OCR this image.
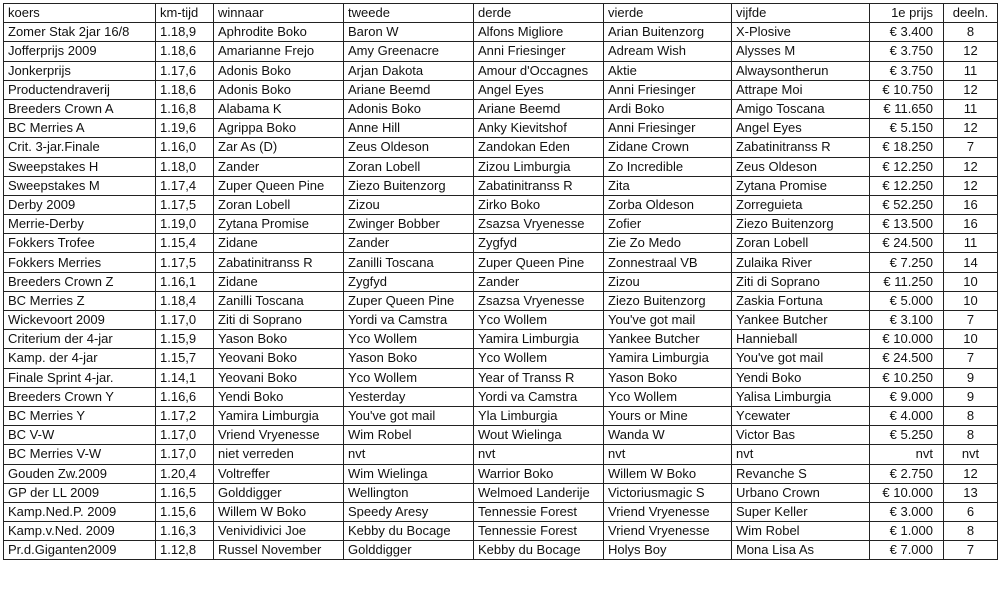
koers	km-tijd	winnaar	tweede	derde	vierde	vijfde	1e prijs	deeln.
Zomer Stak 2jar 16/8	1.18,9	Aphrodite Boko	Baron W	Alfons Migliore	Arian Buitenzorg	X-Plosive	€ 3.400	8
Jofferprijs 2009	1.18,6	Amarianne Frejo	Amy Greenacre	Anni Friesinger	Adream Wish	Alysses M	€ 3.750	12
Jonkerprijs	1.17,6	Adonis Boko	Arjan Dakota	Amour d'Occagnes	Aktie	Alwaysontherun	€ 3.750	11
Productendraverij	1.18,6	Adonis Boko	Ariane Beemd	Angel Eyes	Anni Friesinger	Attrape Moi	€ 10.750	12
Breeders Crown A	1.16,8	Alabama K	Adonis Boko	Ariane Beemd	Ardi Boko	Amigo Toscana	€ 11.650	11
BC Merries A	1.19,6	Agrippa Boko	Anne Hill	Anky Kievitshof	Anni Friesinger	Angel Eyes	€ 5.150	12
Crit. 3-jar.Finale	1.16,0	Zar As (D)	Zeus Oldeson	Zandokan Eden	Zidane Crown	Zabatinitranss R	€ 18.250	7
Sweepstakes H	1.18,0	Zander	Zoran Lobell	Zizou Limburgia	Zo Incredible	Zeus Oldeson	€ 12.250	12
Sweepstakes M	1.17,4	Zuper Queen Pine	Ziezo Buitenzorg	Zabatinitranss R	Zita	Zytana Promise	€ 12.250	12
Derby 2009	1.17,5	Zoran Lobell	Zizou	Zirko Boko	Zorba Oldeson	Zorreguieta	€ 52.250	16
Merrie-Derby	1.19,0	Zytana Promise	Zwinger Bobber	Zsazsa Vryenesse	Zofier	Ziezo Buitenzorg	€ 13.500	16
Fokkers Trofee	1.15,4	Zidane	Zander	Zygfyd	Zie Zo Medo	Zoran Lobell	€ 24.500	11
Fokkers Merries	1.17,5	Zabatinitranss R	Zanilli Toscana	Zuper Queen Pine	Zonnestraal VB	Zulaika River	€ 7.250	14
Breeders Crown Z	1.16,1	Zidane	Zygfyd	Zander	Zizou	Ziti di Soprano	€ 11.250	10
BC Merries Z	1.18,4	Zanilli Toscana	Zuper Queen Pine	Zsazsa Vryenesse	Ziezo Buitenzorg	Zaskia Fortuna	€ 5.000	10
Wickevoort 2009	1.17,0	Ziti di Soprano	Yordi va Camstra	Yco Wollem	You've got mail	Yankee Butcher	€ 3.100	7
Criterium der 4-jar	1.15,9	Yason Boko	Yco Wollem	Yamira Limburgia	Yankee Butcher	Hannieball	€ 10.000	10
Kamp. der 4-jar	1.15,7	Yeovani Boko	Yason Boko	Yco Wollem	Yamira Limburgia	You've got mail	€ 24.500	7
Finale Sprint 4-jar.	1.14,1	Yeovani Boko	Yco Wollem	Year of Transs R	Yason Boko	Yendi Boko	€ 10.250	9
Breeders Crown Y	1.16,6	Yendi Boko	Yesterday	Yordi va Camstra	Yco Wollem	Yalisa Limburgia	€ 9.000	9
BC Merries Y	1.17,2	Yamira Limburgia	You've got mail	Yla Limburgia	Yours or Mine	Ycewater	€ 4.000	8
BC V-W	1.17,0	Vriend Vryenesse	Wim Robel	Wout Wielinga	Wanda W	Victor Bas	€ 5.250	8
BC Merries V-W	1.17,0	niet verreden	nvt	nvt	nvt	nvt	nvt	nvt
Gouden Zw.2009	1.20,4	Voltreffer	Wim Wielinga	Warrior Boko	Willem W Boko	Revanche S	€ 2.750	12
GP der LL 2009	1.16,5	Golddigger	Wellington	Welmoed Landerije	Victoriusmagic S	Urbano Crown	€ 10.000	13
Kamp.Ned.P. 2009	1.15,6	Willem W Boko	Speedy Aresy	Tennessie Forest	Vriend Vryenesse	Super Keller	€ 3.000	6
Kamp.v.Ned. 2009	1.16,3	Venividivici Joe	Kebby du Bocage	Tennessie Forest	Vriend Vryenesse	Wim Robel	€ 1.000	8
Pr.d.Giganten2009	1.12,8	Russel November	Golddigger	Kebby du Bocage	Holys Boy	Mona Lisa As	€ 7.000	7
